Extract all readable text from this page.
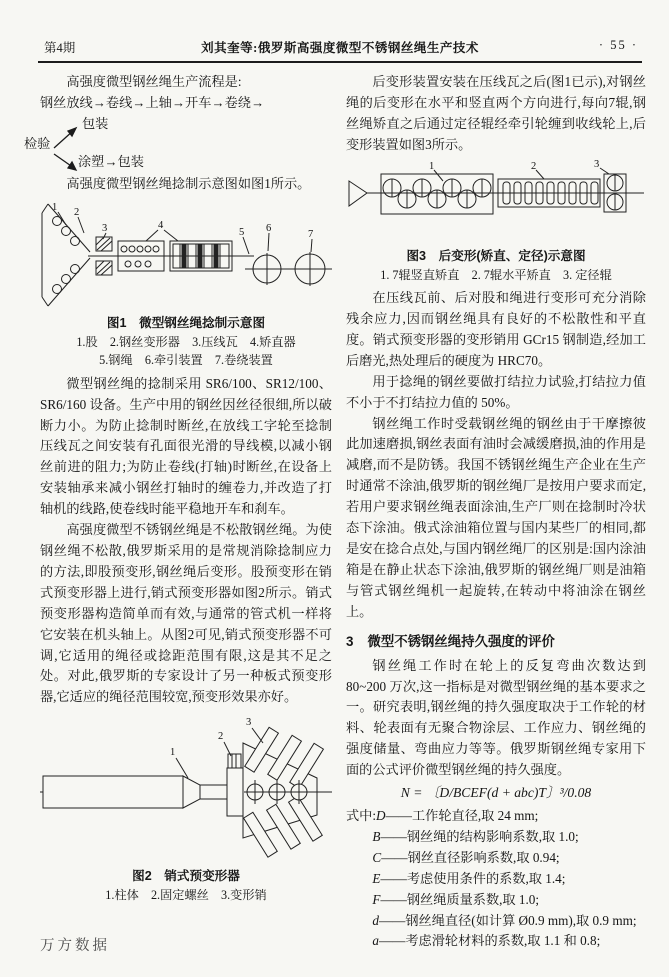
第4期	刘其奎等:俄罗斯高强度微型不锈钢丝绳生产技术	· 55 ·

高强度微型钢丝绳生产流程是:

钢丝放线→卷线→上轴→开车→卷绕→

检验
包装
涂塑→包装

高强度微型钢丝绳捻制示意图如图1所示。

1 2
3	4
5 6
7

图1　微型钢丝绳捻制示意图

1.股　2.钢丝变形器　3.压线瓦　4.矫直器

5.钢绳　6.牵引装置　7.卷绕装置

微型钢丝绳的捻制采用 SR6/100、SR12/100、SR6/160 设备。生产中用的钢丝因丝径很细,所以破断力小。为防止捻制时断丝,在放线工字轮至捻制压线瓦之间安装有孔面很光滑的导线模,以减小钢丝前进的阻力;为防止卷线(打轴)时断丝,在设备上安装轴承来减小钢丝打轴时的缠卷力,并改造了打轴机的线路,使卷线时能平稳地开车和刹车。

高强度微型不锈钢丝绳是不松散钢丝绳。为使钢丝绳不松散,俄罗斯采用的是常规消除捻制应力的方法,即股预变形,钢丝绳后变形。股预变形在销式预变形器上进行,销式预变形器如图2所示。销式预变形器构造简单而有效,与通常的管式机一样将它安装在机头轴上。从图2可见,销式预变形器不可调,它适用的绳径或捻距范围有限,这是其不足之处。对此,俄罗斯的专家设计了另一种板式预变形器,它适应的绳径范围较宽,预变形效果亦好。

1
2
3

图2　销式预变形器

1.柱体　2.固定螺丝　3.变形销

后变形装置安装在压线瓦之后(图1已示),对钢丝绳的后变形在水平和竖直两个方向进行,每向7辊,钢丝绳矫直之后通过定径辊经牵引轮缠到收线轮上,后变形装置如图3所示。

1	2	3

图3　后变形(矫直、定径)示意图

1. 7辊竖直矫直　2. 7辊水平矫直　3. 定径辊

在压线瓦前、后对股和绳进行变形可充分消除残余应力,因而钢丝绳具有良好的不松散性和平直度。销式预变形器的变形销用 GCr15 钢制造,经加工后磨光,热处理后的硬度为 HRC70。

用于捻绳的钢丝要做打结拉力试验,打结拉力值不小于不打结拉力值的 50%。

钢丝绳工作时受载钢丝绳的钢丝由于干摩擦彼此加速磨损,钢丝表面有油时会减缓磨损,油的作用是减磨,而不是防锈。我国不锈钢丝绳生产企业在生产时通常不涂油,俄罗斯的钢丝绳厂是按用户要求而定,若用户要求钢丝绳表面涂油,生产厂则在捻制时冷状态下涂油。俄式涂油箱位置与国内某些厂的相同,都是安在捻合点处,与国内钢丝绳厂的区别是:国内涂油箱是在静止状态下涂油,俄罗斯的钢丝绳厂则是油箱与管式钢丝绳机一起旋转,在转动中将油涂在钢丝上。

3 微型不锈钢丝绳持久强度的评价

钢丝绳工作时在轮上的反复弯曲次数达到 80~200 万次,这一指标是对微型钢丝绳的基本要求之一。研究表明,钢丝绳的持久强度取决于工作轮的材料、轮表面有无聚合物涂层、工作应力、钢丝绳的强度储量、弯曲应力等等。俄罗斯钢丝绳专家用下面的公式评价微型钢丝绳的持久强度。

N = 〔D/BCEF(d + abc)T〕³/0.08

式中:D——工作轮直径,取 24 mm;

B——钢丝绳的结构影响系数,取 1.0;

C——钢丝直径影响系数,取 0.94;

E——考虑使用条件的系数,取 1.4;

F——钢丝绳质量系数,取 1.0;

d——钢丝绳直径(如计算 Ø0.9 mm),取 0.9 mm;

a——考虑滑轮材料的系数,取 1.1 和 0.8;

万方数据
